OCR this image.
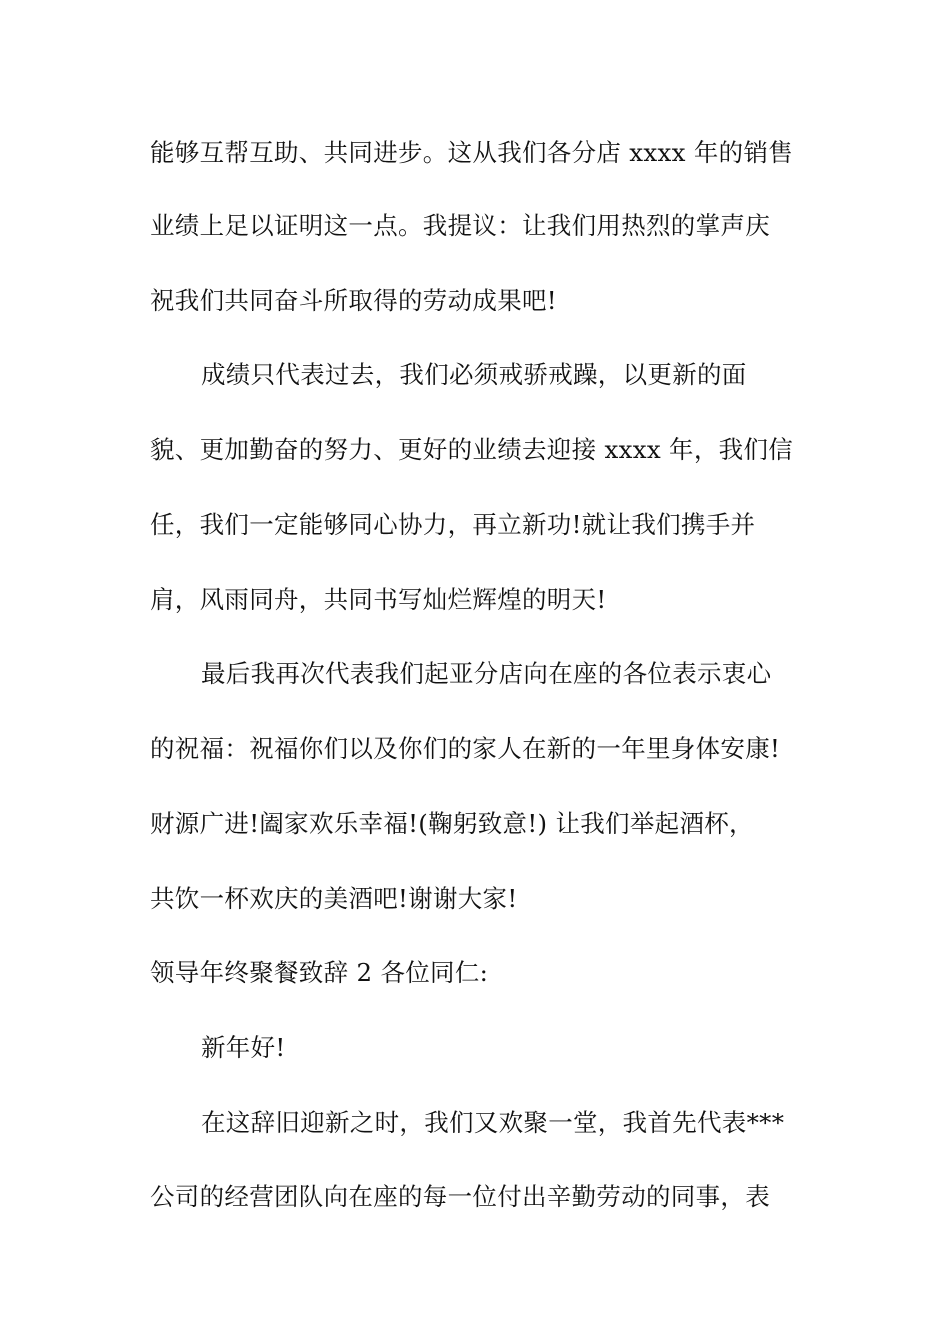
能够互帮互助、共同进步。这从我们各分店 xxxx 年的销售
业绩上足以证明这一点。我提议：让我们用热烈的掌声庆
祝我们共同奋斗所取得的劳动成果吧!
成绩只代表过去，我们必须戒骄戒躁，以更新的面
貌、更加勤奋的努力、更好的业绩去迎接 xxxx 年，我们信
任，我们一定能够同心协力，再立新功!就让我们携手并
肩，风雨同舟，共同书写灿烂辉煌的明天!
最后我再次代表我们起亚分店向在座的各位表示衷心
的祝福：祝福你们以及你们的家人在新的一年里身体安康!
财源广进!阖家欢乐幸福!(鞠躬致意!) 让我们举起酒杯，
共饮一杯欢庆的美酒吧!谢谢大家!
领导年终聚餐致辞 2 各位同仁:
新年好!
在这辞旧迎新之时，我们又欢聚一堂，我首先代表***
公司的经营团队向在座的每一位付出辛勤劳动的同事，表
